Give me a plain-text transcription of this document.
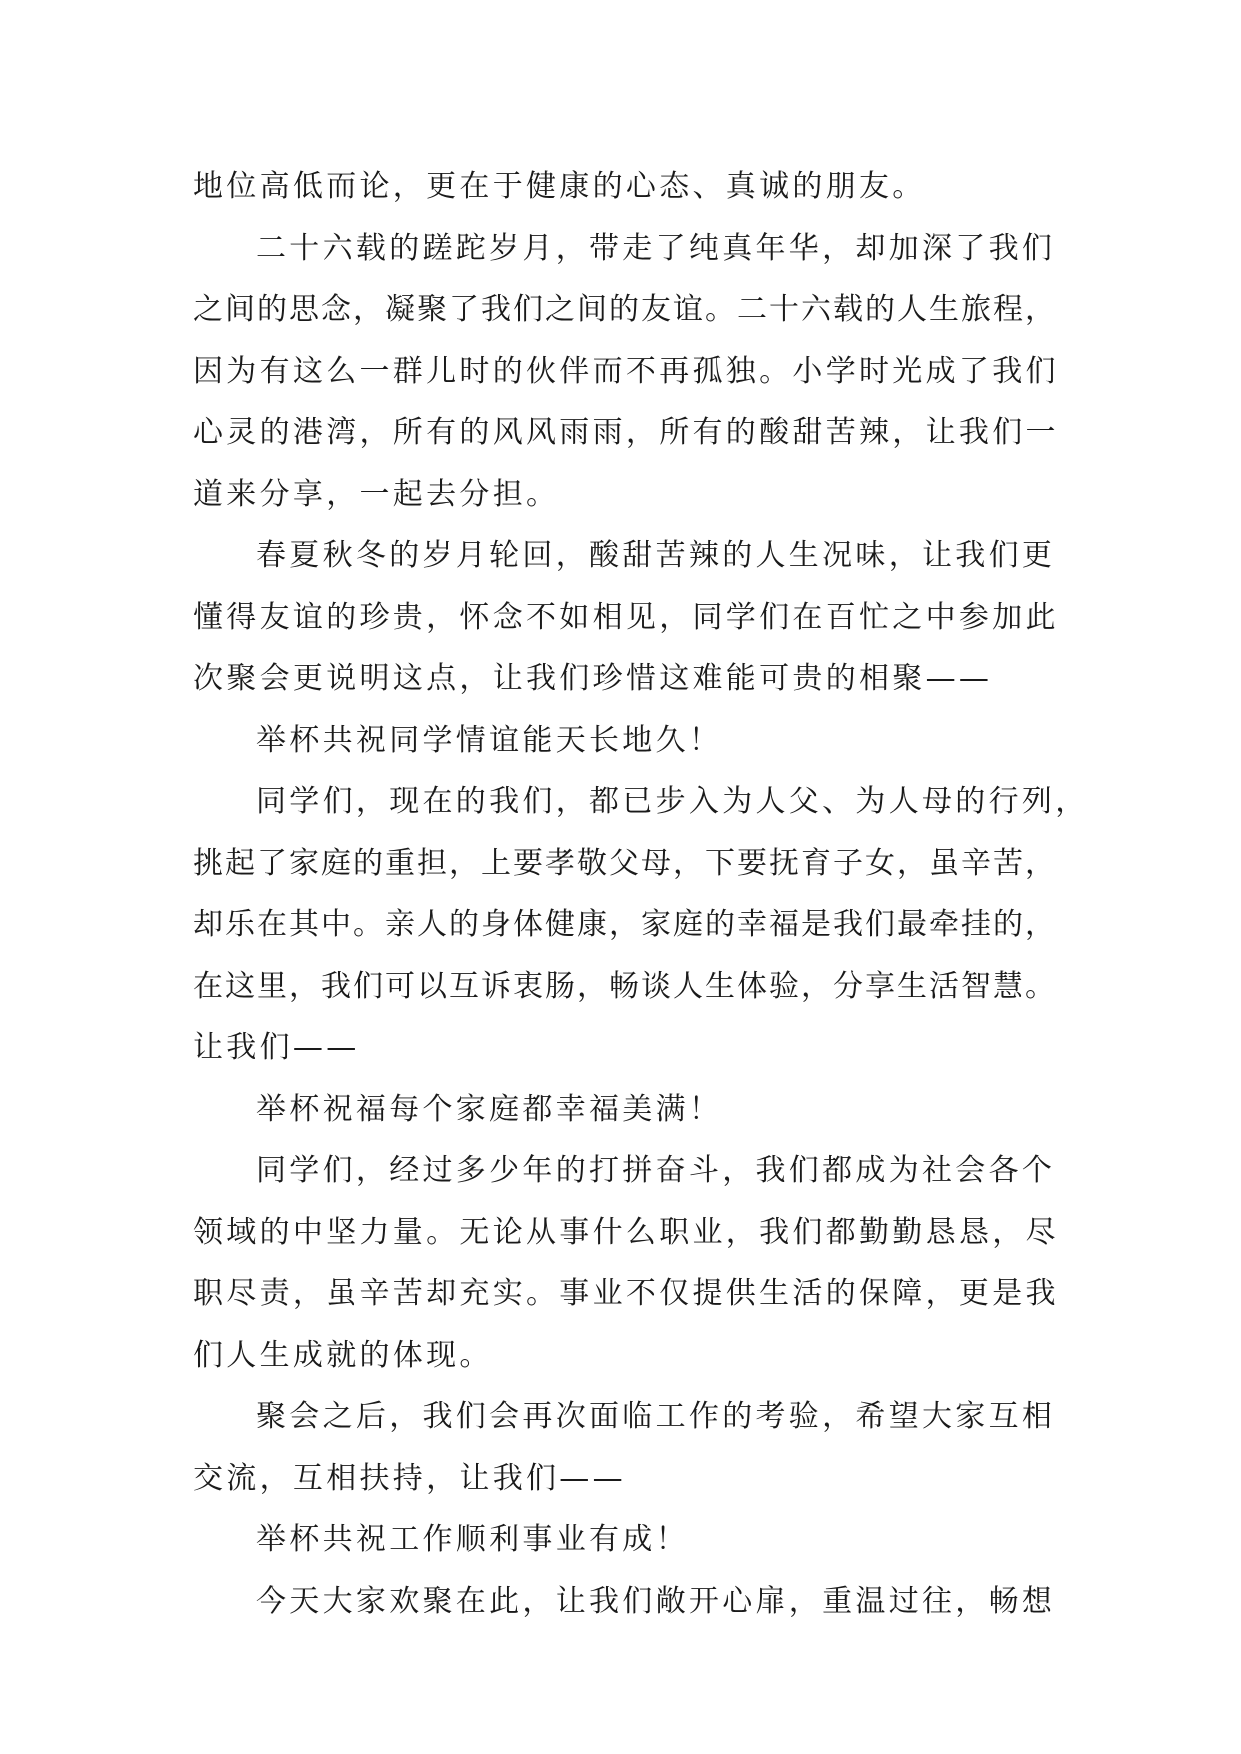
地位高低而论，更在于健康的心态、真诚的朋友。
二十六载的蹉跎岁月，带走了纯真年华，却加深了我们
之间的思念，凝聚了我们之间的友谊。二十六载的人生旅程，
因为有这么一群儿时的伙伴而不再孤独。小学时光成了我们
心灵的港湾，所有的风风雨雨，所有的酸甜苦辣，让我们一
道来分享，一起去分担。
春夏秋冬的岁月轮回，酸甜苦辣的人生况味，让我们更
懂得友谊的珍贵，怀念不如相见，同学们在百忙之中参加此
次聚会更说明这点，让我们珍惜这难能可贵的相聚——
举杯共祝同学情谊能天长地久！
同学们，现在的我们，都已步入为人父、为人母的行列，
挑起了家庭的重担，上要孝敬父母，下要抚育子女，虽辛苦，
却乐在其中。亲人的身体健康，家庭的幸福是我们最牵挂的，
在这里，我们可以互诉衷肠，畅谈人生体验，分享生活智慧。
让我们——
举杯祝福每个家庭都幸福美满！
同学们，经过多少年的打拼奋斗，我们都成为社会各个
领域的中坚力量。无论从事什么职业，我们都勤勤恳恳，尽
职尽责，虽辛苦却充实。事业不仅提供生活的保障，更是我
们人生成就的体现。
聚会之后，我们会再次面临工作的考验，希望大家互相
交流，互相扶持，让我们——
举杯共祝工作顺利事业有成！
今天大家欢聚在此，让我们敞开心扉，重温过往，畅想
